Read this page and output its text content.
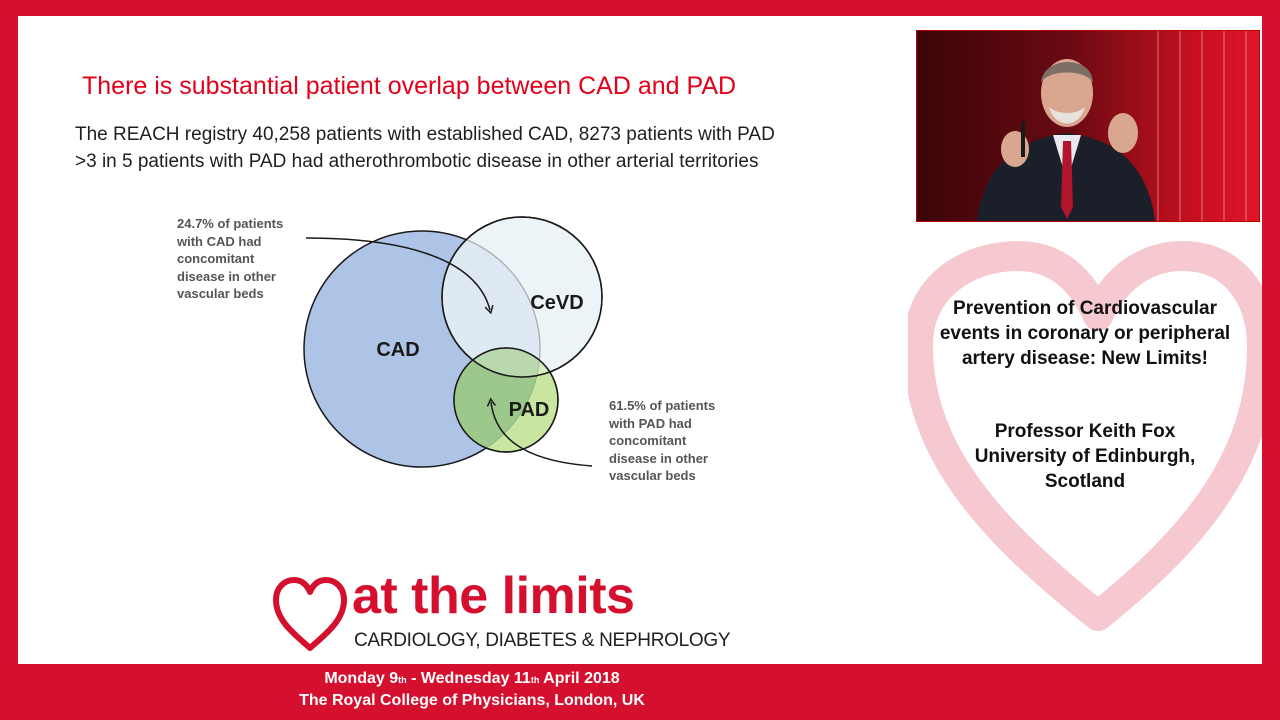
There is substantial patient overlap between CAD and PAD
The REACH registry 40,258 patients with established CAD, 8273 patients with PAD
>3 in 5 patients with PAD had atherothrombotic disease in other arterial territories
CAD
CeVD
PAD
24.7% of patients
with CAD had
concomitant
disease in other
vascular beds
61.5% of patients
with PAD had
concomitant
disease in other
vascular beds
at the limits
CARDIOLOGY, DIABETES & NEPHROLOGY
Prevention of Cardiovascular
events in coronary or peripheral
artery disease: New Limits!
Professor Keith Fox
University of Edinburgh,
Scotland
Monday 9th - Wednesday 11th April 2018
The Royal College of Physicians, London, UK
